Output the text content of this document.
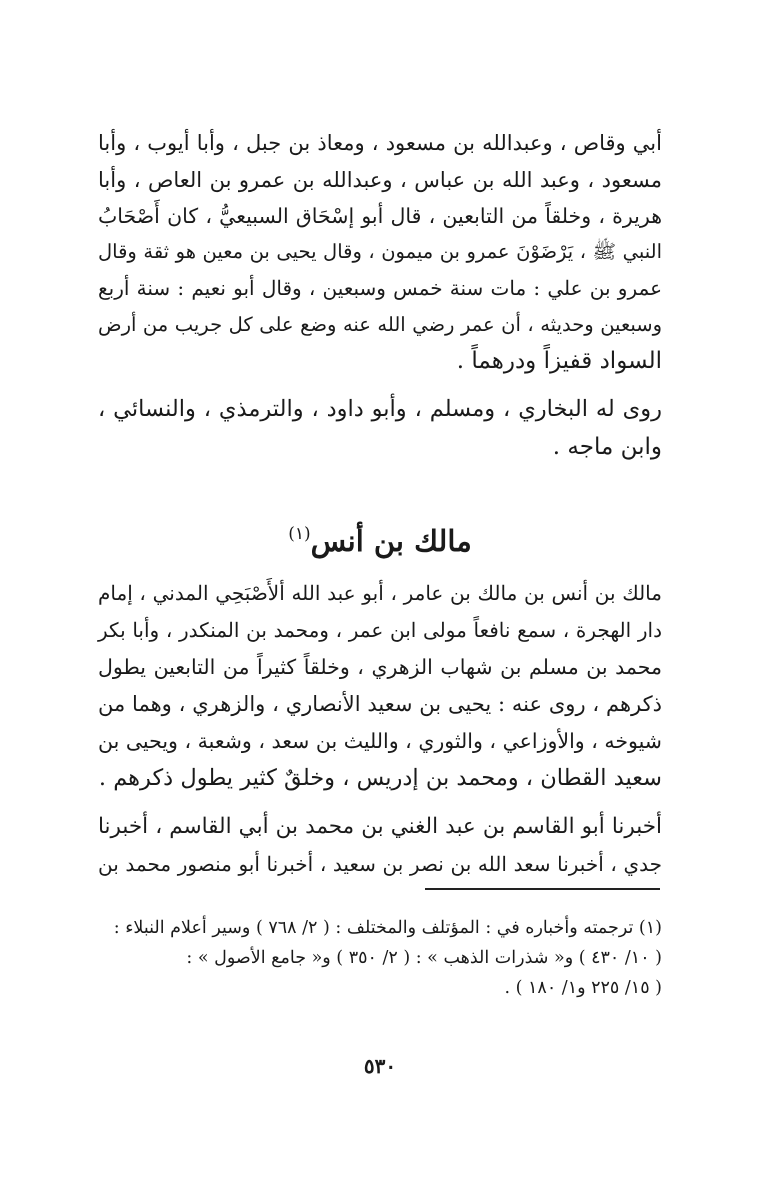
أبي وقاص ، وعبدالله بن مسعود ، ومعاذ بن جبل ، وأبا أيوب ، وأبا
مسعود ، وعبد الله بن عباس ، وعبدالله بن عمرو بن العاص ، وأبا
هريرة ، وخلقاً من التابعين ، قال أبو إسْحَاق السبيعيُّ ، كان أَصْحَابُ
النبي ﷺ ، يَرْضَوْنَ عمرو بن ميمون ، وقال يحيى بن معين هو ثقة وقال
عمرو بن علي : مات سنة خمس وسبعين ، وقال أبو نعيم : سنة أربع
وسبعين وحديثه ، أن عمر رضي الله عنه وضع على كل جريب من أرض
السواد قفيزاً ودرهماً .
روى له البخاري ، ومسلم ، وأبو داود ، والترمذي ، والنسائي ،
وابن ماجه .
مالك بن أنس$^{(١)}$
مالك بن أنس بن مالك بن عامر ، أبو عبد الله ألأَصْبَحِي المدني ، إمام
دار الهجرة ، سمع نافعاً مولى ابن عمر ، ومحمد بن المنكدر ، وأبا بكر
محمد بن مسلم بن شهاب الزهري ، وخلقاً كثيراً من التابعين يطول
ذكرهم ، روى عنه : يحيى بن سعيد الأنصاري ، والزهري ، وهما من
شيوخه ، والأوزاعي ، والثوري ، والليث بن سعد ، وشعبة ، ويحيى بن
سعيد القطان ، ومحمد بن إدريس ، وخلقٌ كثير يطول ذكرهم .
أخبرنا أبو القاسم بن عبد الغني بن محمد بن أبي القاسم ، أخبرنا
جدي ، أخبرنا سعد الله بن نصر بن سعيد ، أخبرنا أبو منصور محمد بن
(١) ترجمته وأخباره في : المؤتلف والمختلف : ( ٢/ ٧٦٨ ) وسير أعلام النبلاء :
( ١٠/ ٤٣٠ ) و« شذرات الذهب » : ( ٢/ ٣٥٠ ) و« جامع الأصول » :
( ١٥/ ٢٢٥ و١/ ١٨٠ ) .
٥٣٠
